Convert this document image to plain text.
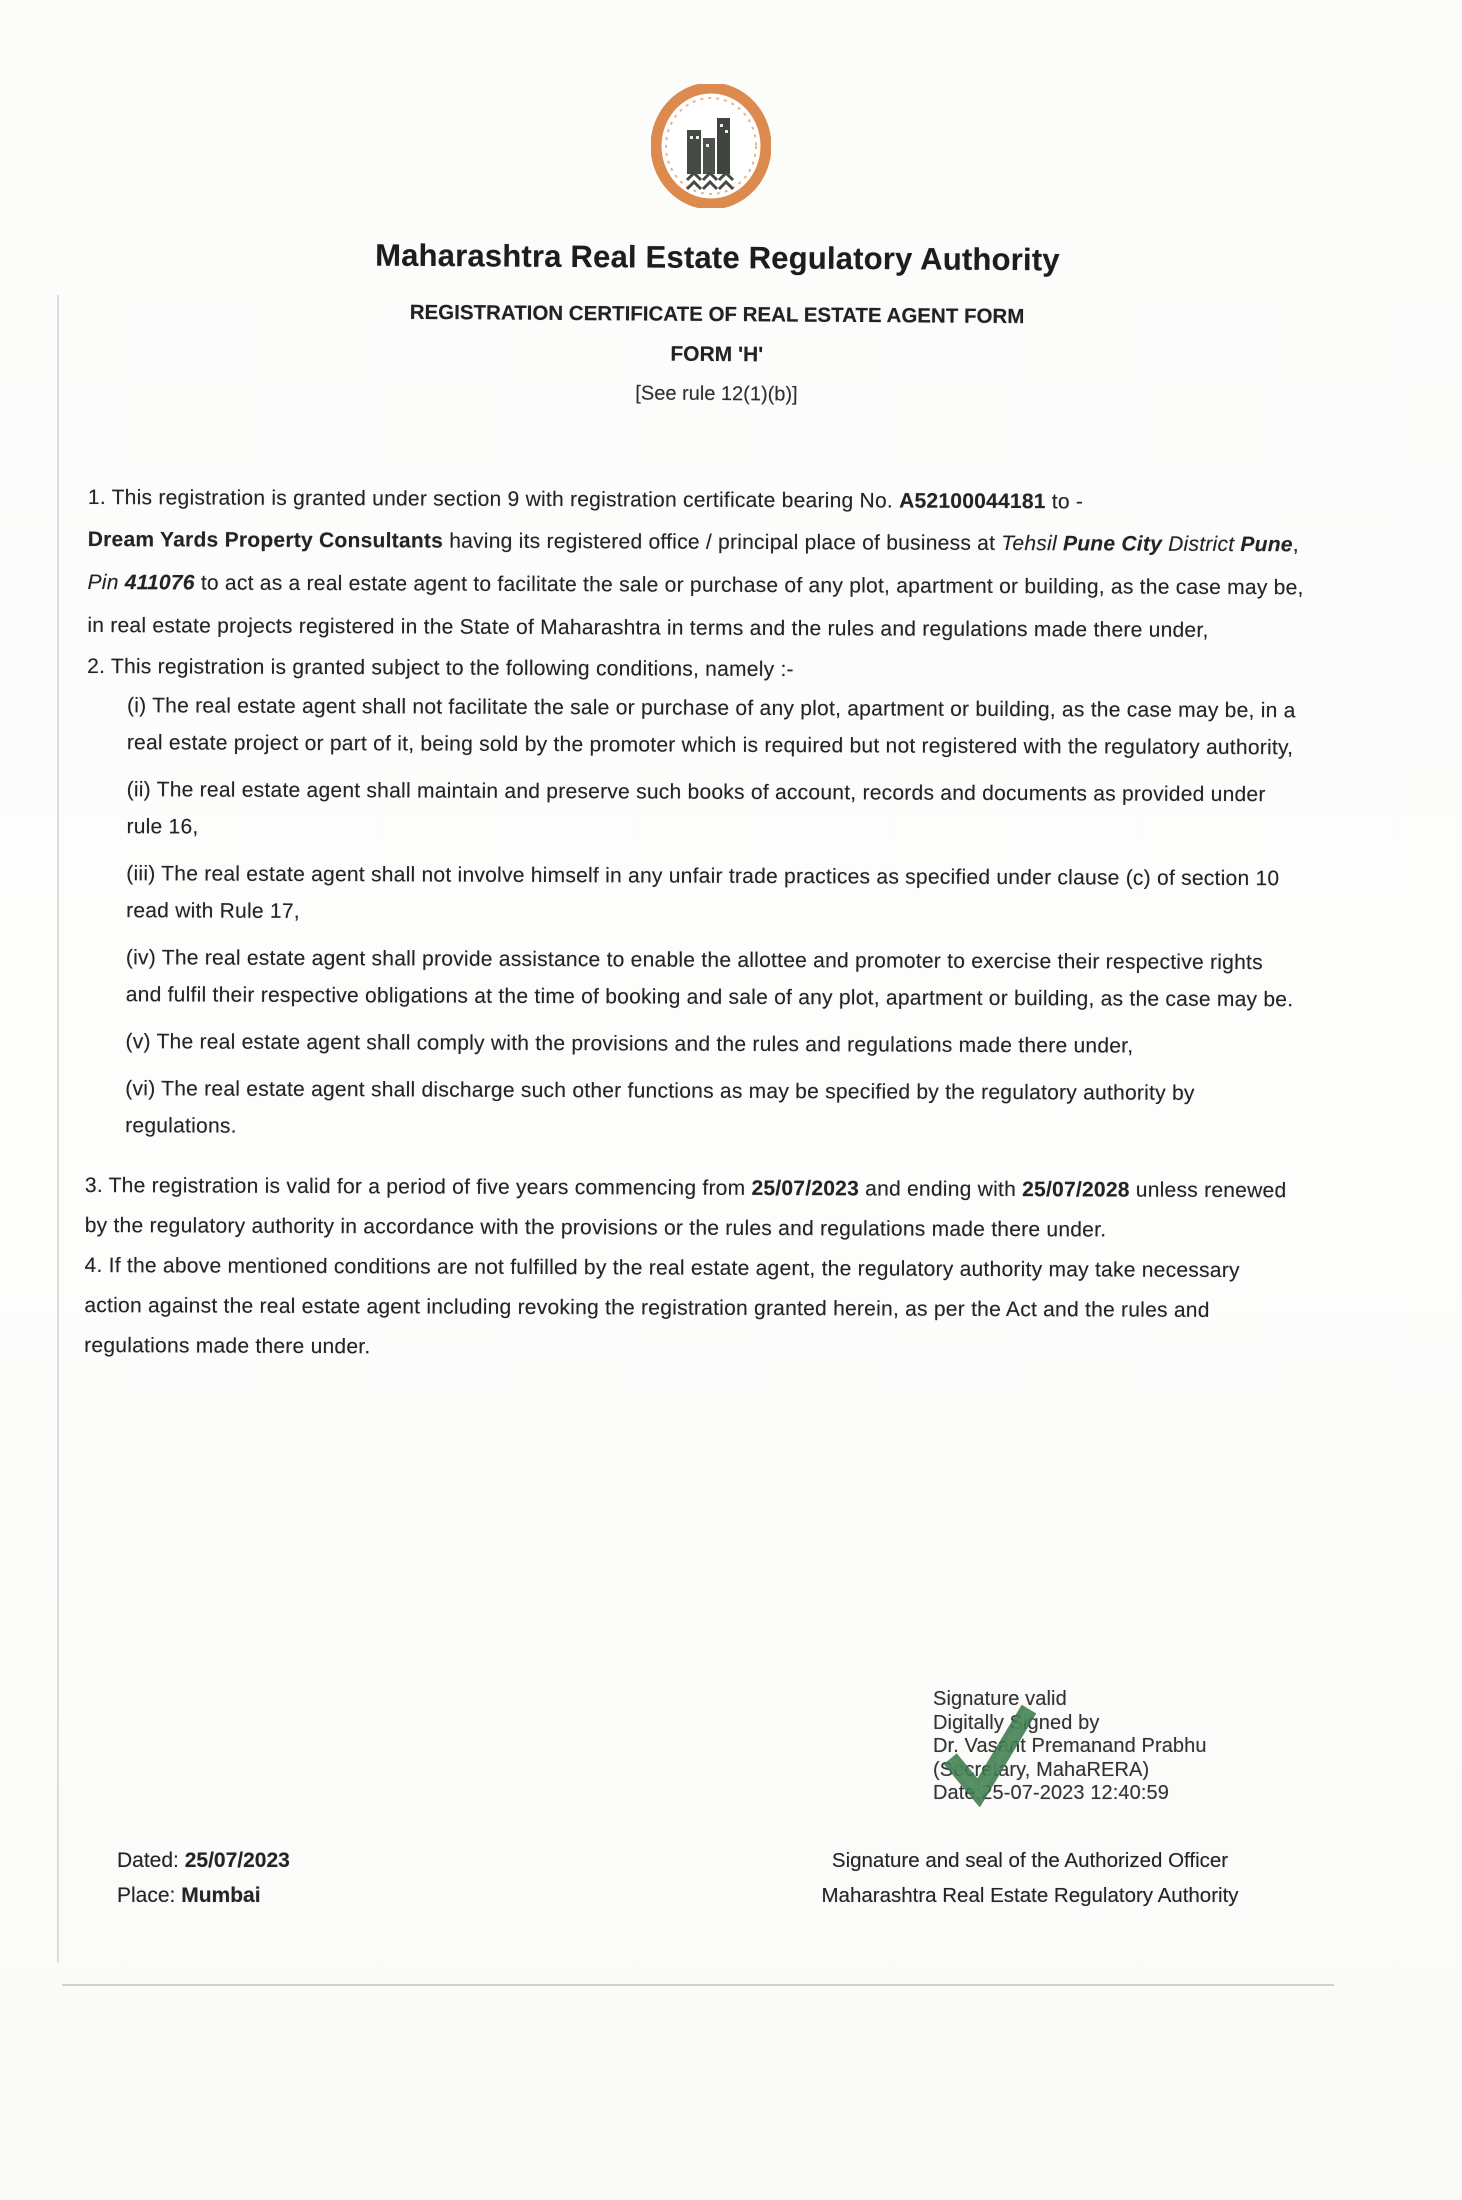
Maharashtra Real Estate Regulatory Authority
REGISTRATION CERTIFICATE OF REAL ESTATE AGENT FORM
FORM 'H'
[See rule 12(1)(b)]

1. This registration is granted under section 9 with registration certificate bearing No. A52100044181 to -

Dream Yards Property Consultants having its registered office / principal place of business at Tehsil Pune City District Pune, Pin 411076 to act as a real estate agent to facilitate the sale or purchase of any plot, apartment or building, as the case may be, in real estate projects registered in the State of Maharashtra in terms and the rules and regulations made there under,

2. This registration is granted subject to the following conditions, namely :-

(i) The real estate agent shall not facilitate the sale or purchase of any plot, apartment or building, as the case may be, in a real estate project or part of it, being sold by the promoter which is required but not registered with the regulatory authority,

(ii) The real estate agent shall maintain and preserve such books of account, records and documents as provided under rule 16,

(iii) The real estate agent shall not involve himself in any unfair trade practices as specified under clause (c) of section 10 read with Rule 17,

(iv) The real estate agent shall provide assistance to enable the allottee and promoter to exercise their respective rights and fulfil their respective obligations at the time of booking and sale of any plot, apartment or building, as the case may be.

(v) The real estate agent shall comply with the provisions and the rules and regulations made there under,

(vi) The real estate agent shall discharge such other functions as may be specified by the regulatory authority by regulations.

3. The registration is valid for a period of five years commencing from 25/07/2023 and ending with 25/07/2028 unless renewed by the regulatory authority in accordance with the provisions or the rules and regulations made there under.

4. If the above mentioned conditions are not fulfilled by the real estate agent, the regulatory authority may take necessary action against the real estate agent including revoking the registration granted herein, as per the Act and the rules and regulations made there under.

Signature valid
Digitally Signed by
Dr. Vasant Premanand Prabhu
(Secretary, MahaRERA)
Date:25-07-2023 12:40:59
Dated: 25/07/2023
Place: Mumbai
Signature and seal of the Authorized Officer
Maharashtra Real Estate Regulatory Authority
